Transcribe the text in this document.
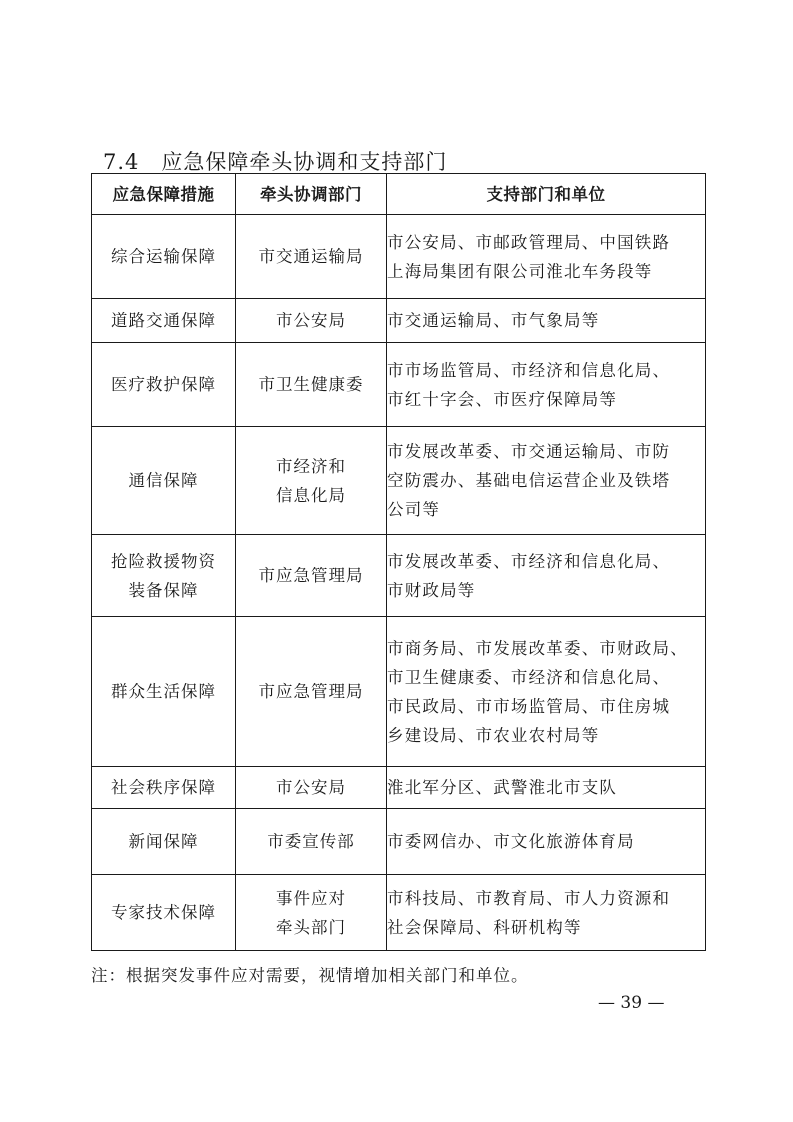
7.4 应急保障牵头协调和支持部门
应急保障措施	牵头协调部门	支持部门和单位

综合运输保障	市交通运输局	市公安局、市邮政管理局、中国铁路
上海局集团有限公司淮北车务段等

道路交通保障	市公安局	市交通运输局、市气象局等

医疗救护保障	市卫生健康委	市市场监管局、市经济和信息化局、
市红十字会、市医疗保障局等

通信保障	市经济和
信息化局	市发展改革委、市交通运输局、市防
空防震办、基础电信运营企业及铁塔
公司等

抢险救援物资
装备保障	市应急管理局	市发展改革委、市经济和信息化局、
市财政局等

群众生活保障	市应急管理局	市商务局、市发展改革委、市财政局、
市卫生健康委、市经济和信息化局、
市民政局、市市场监管局、市住房城
乡建设局、市农业农村局等

社会秩序保障	市公安局	淮北军分区、武警淮北市支队

新闻保障	市委宣传部	市委网信办、市文化旅游体育局

专家技术保障	事件应对
牵头部门	市科技局、市教育局、市人力资源和
社会保障局、科研机构等
注：根据突发事件应对需要，视情增加相关部门和单位。
— 39 —
